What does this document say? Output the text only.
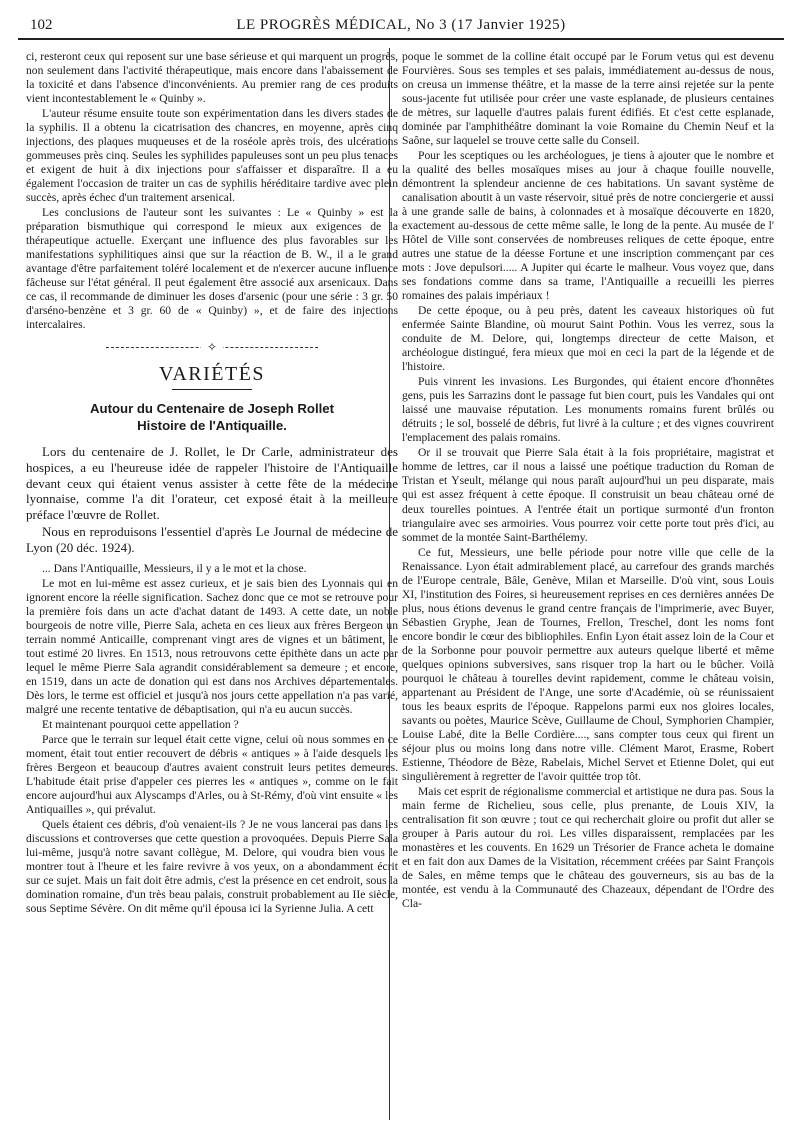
102	LE PROGRÈS MÉDICAL, No 3 (17 Janvier 1925)

ci, resteront ceux qui reposent sur une base sérieuse et qui marquent un progrès, non seulement dans l'activité thérapeutique, mais encore dans l'abaissement de la toxicité et dans l'absence d'inconvénients. Au premier rang de ces produits vient incontestablement le « Quinby ».

L'auteur résume ensuite toute son expérimentation dans les divers stades de la syphilis. Il a obtenu la cicatrisation des chancres, en moyenne, après cinq injections, des plaques muqueuses et de la roséole après trois, des ulcérations gommeuses près cinq. Seules les syphilides papuleuses sont un peu plus tenaces et exigent de huit à dix injections pour s'affaisser et disparaître. Il a eu également l'occasion de traiter un cas de syphilis héréditaire tardive avec plein succès, après échec d'un traitement arsenical.

Les conclusions de l'auteur sont les suivantes : Le « Quinby » est la préparation bismuthique qui correspond le mieux aux exigences de la thérapeutique actuelle. Exerçant une influence des plus favorables sur les manifestations syphilitiques ainsi que sur la réaction de B. W., il a le grand avantage d'être parfaitement toléré localement et de n'exercer aucune influence fâcheuse sur l'état général. Il peut également être associé aux arsenicaux. Dans ce cas, il recommande de diminuer les doses d'arsenic (pour une série : 3 gr. 50 d'arséno-benzène et 3 gr. 60 de « Quinby) », et de faire des injections intercalaires.

✧
VARIÉTÉS
Autour du Centenaire de Joseph Rollet
Histoire de l'Antiquaille.

Lors du centenaire de J. Rollet, le Dr Carle, administrateur des hospices, a eu l'heureuse idée de rappeler l'histoire de l'Antiquaille devant ceux qui étaient venus assister à cette fête de la médecine lyonnaise, comme l'a dit l'orateur, cet exposé était à la meilleure préface l'œuvre de Rollet.

Nous en reproduisons l'essentiel d'après Le Journal de médecine de Lyon (20 déc. 1924).

... Dans l'Antiquaille, Messieurs, il y a le mot et la chose.

Le mot en lui-même est assez curieux, et je sais bien des Lyonnais qui en ignorent encore la réelle signification. Sachez donc que ce mot se retrouve pour la première fois dans un acte d'achat datant de 1493. A cette date, un noble bourgeois de notre ville, Pierre Sala, acheta en ces lieux aux frères Bergeon un terrain nommé Anticaille, comprenant vingt ares de vignes et un bâtiment, le tout estimé 20 livres. En 1513, nous retrouvons cette épithète dans un acte par lequel le même Pierre Sala agrandit considérablement sa demeure ; et encore, en 1519, dans un acte de donation qui est dans nos Archives départementales. Dès lors, le terme est officiel et jusqu'à nos jours cette appellation n'a pas varié, malgré une recente tentative de débaptisation, qui n'a eu aucun succès.

Et maintenant pourquoi cette appellation ?

Parce que le terrain sur lequel était cette vigne, celui où nous sommes en ce moment, était tout entier recouvert de débris « antiques » à l'aide desquels les frères Bergeon et beaucoup d'autres avaient construit leurs petites demeures. L'habitude était prise d'appeler ces pierres les « antiques », comme on le fait encore aujourd'hui aux Alyscamps d'Arles, ou à St-Rémy, d'où vint ensuite « les Antiquailles », qui prévalut.

Quels étaient ces débris, d'où venaient-ils ? Je ne vous lancerai pas dans les discussions et controverses que cette question a provoquées. Depuis Pierre Sala lui-même, jusqu'à notre savant collègue, M. Delore, qui voudra bien vous le montrer tout à l'heure et les faire revivre à vos yeux, on a abondamment écrit sur ce sujet. Mais un fait doit être admis, c'est la présence en cet endroit, sous la domination romaine, d'un très beau palais, construit probablement au IIe siècle, sous Septime Sévère. On dit même qu'il épousa ici la Syrienne Julia. A cett

poque le sommet de la colline était occupé par le Forum vetus qui est devenu Fourvières. Sous ses temples et ses palais, immédiatement au-dessus de nous, on creusa un immense théâtre, et la masse de la terre ainsi rejetée sur la pente sous-jacente fut utilisée pour créer une vaste esplanade, de plusieurs centaines de mètres, sur laquelle d'autres palais furent édifiés. Et c'est cette esplanade, dominée par l'amphithéâtre dominant la voie Romaine du Chemin Neuf et la Saône, sur laquelel se trouve cette salle du Conseil.

Pour les sceptiques ou les archéologues, je tiens à ajouter que le nombre et la qualité des belles mosaïques mises au jour à chaque fouille nouvelle, démontrent la splendeur ancienne de ces habitations. Un savant système de canalisation aboutit à un vaste réservoir, situé près de notre conciergerie et aussi à une grande salle de bains, à colonnades et à mosaïque découverte en 1820, exactement au-dessous de cette même salle, le long de la pente. Au musée de l' Hôtel de Ville sont conservées de nombreuses reliques de cette époque, entre autres une statue de la déesse Fortune et une inscription commençant par ces mots : Jove depulsori..... A Jupiter qui écarte le malheur. Vous voyez que, dans ses fondations comme dans sa trame, l'Antiquaille a recueilli les pierres romaines des palais impériaux !

De cette époque, ou à peu près, datent les caveaux historiques où fut enfermée Sainte Blandine, où mourut Saint Pothin. Vous les verrez, sous la conduite de M. Delore, qui, longtemps directeur de cette Maison, et archéologue distingué, fera mieux que moi en ceci la part de la légende et de l'histoire.

Puis vinrent les invasions. Les Burgondes, qui étaient encore d'honnêtes gens, puis les Sarrazins dont le passage fut bien court, puis les Vandales qui ont laissé une mauvaise réputation. Les monuments romains furent brûlés ou détruits ; le sol, bosselé de débris, fut livré à la culture ; et des vignes couvrirent l'emplacement des palais romains.

Or il se trouvait que Pierre Sala était à la fois propriétaire, magistrat et homme de lettres, car il nous a laissé une poétique traduction du Roman de Tristan et Yseult, mélange qui nous paraît aujourd'hui un peu disparate, mais qui est assez fréquent à cette époque. Il construisit un beau château orné de deux tourelles pointues. A l'entrée était un portique surmonté d'un fronton triangulaire avec ses armoiries. Vous pourrez voir cette porte tout près d'ici, au sommet de la montée Saint-Barthélemy.

Ce fut, Messieurs, une belle période pour notre ville que celle de la Renaissance. Lyon était admirablement placé, au carrefour des grands marchés de l'Europe centrale, Bâle, Genève, Milan et Marseille. D'où vint, sous Louis XI, l'institution des Foires, si heureusement reprises en ces dernières années De plus, nous étions devenus le grand centre français de l'imprimerie, avec Buyer, Sébastien Gryphe, Jean de Tournes, Frellon, Treschel, dont les noms font encore bondir le cœur des bibliophiles. Enfin Lyon était assez loin de la Cour et de la Sorbonne pour pouvoir permettre aux auteurs quelque liberté et même quelques opinions subversives, sans risquer trop la hart ou le bûcher. Voilà pourquoi le château à tourelles devint rapidement, comme le château voisin, appartenant au Président de l'Ange, une sorte d'Académie, où se réunissaient tous les beaux esprits de l'époque. Rappelons parmi eux nos gloires locales, savants ou poètes, Maurice Scève, Guillaume de Choul, Symphorien Champier, Louise Labé, dite la Belle Cordière...., sans compter tous ceux qui firent un séjour plus ou moins long dans notre ville. Clément Marot, Erasme, Robert Estienne, Théodore de Bèze, Rabelais, Michel Servet et Etienne Dolet, qui eut singulièrement à regretter de l'avoir quittée trop tôt.

Mais cet esprit de régionalisme commercial et artistique ne dura pas. Sous la main ferme de Richelieu, sous celle, plus prenante, de Louis XIV, la centralisation fit son œuvre ; tout ce qui recherchait gloire ou profit dut aller se grouper à Paris autour du roi. Les villes disparaissent, remplacées par les monastères et les couvents. En 1629 un Trésorier de France acheta le domaine et en fait don aux Dames de la Visitation, récemment créées par Saint François de Sales, en même temps que le château des gouverneurs, sis au bas de la montée, est vendu à la Communauté des Chazeaux, dépendant de l'Ordre des Cla-
